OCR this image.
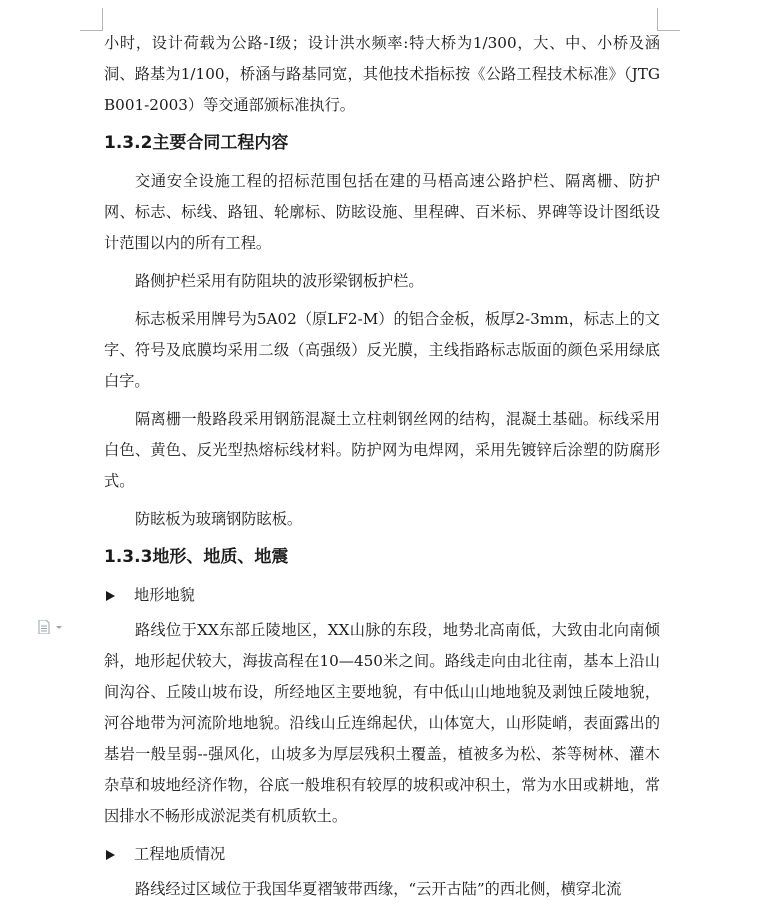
小时，设计荷载为公路-Ⅰ级；设计洪水频率:特大桥为1/300，大、中、小桥及涵洞、路基为1/100，桥涵与路基同宽，其他技术指标按《公路工程技术标准》（JTG B001-2003）等交通部颁标准执行。

1.3.2主要合同工程内容

交通安全设施工程的招标范围包括在建的马梧高速公路护栏、隔离栅、防护网、标志、标线、路钮、轮廓标、防眩设施、里程碑、百米标、界碑等设计图纸设计范围以内的所有工程。

路侧护栏采用有防阻块的波形梁钢板护栏。

标志板采用牌号为5A02（原LF2-M）的铝合金板，板厚2-3mm，标志上的文字、符号及底膜均采用二级（高强级）反光膜，主线指路标志版面的颜色采用绿底白字。

隔离栅一般路段采用钢筋混凝土立柱刺钢丝网的结构，混凝土基础。标线采用白色、黄色、反光型热熔标线材料。防护网为电焊网，采用先镀锌后涂塑的防腐形式。

防眩板为玻璃钢防眩板。

1.3.3地形、地质、地震
地形地貌

路线位于XX东部丘陵地区，XX山脉的东段，地势北高南低，大致由北向南倾斜，地形起伏较大，海拔高程在10—450米之间。路线走向由北往南，基本上沿山间沟谷、丘陵山坡布设，所经地区主要地貌，有中低山山地地貌及剥蚀丘陵地貌，河谷地带为河流阶地地貌。沿线山丘连绵起伏，山体宽大，山形陡峭，表面露出的基岩一般呈弱--强风化，山坡多为厚层残积土覆盖，植被多为松、茶等树林、灌木杂草和坡地经济作物，谷底一般堆积有较厚的坡积或冲积土，常为水田或耕地，常因排水不畅形成淤泥类有机质软土。

工程地质情况

路线经过区域位于我国华夏褶皱带西缘，“云开古陆”的西北侧，横穿北流
